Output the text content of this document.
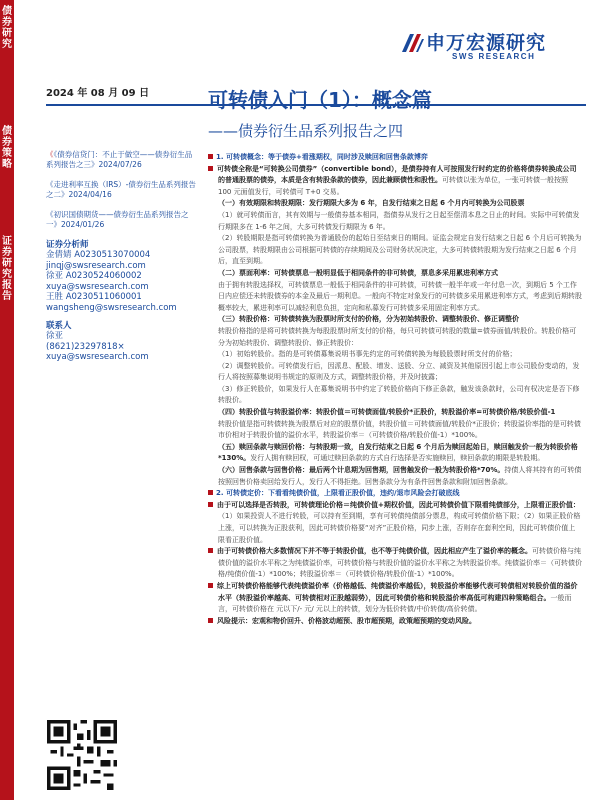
债券研究
债券策略
证券研究报告
申万宏源研究
SWS RESEARCH
2024 年 08 月 09 日	可转债入门（1）：概念篇
——债券衍生品系列报告之四
《《债券信贷门：不止于做空——债券衍生品系列报告之三》2024/07/26
《走进利率互换（IRS）-债券衍生品系列报告之二》2024/04/16
《初识国债期货——债券衍生品系列报告之一》2024/01/26
证券分析师
金倩婧 A0230513070004
jinqj@swsresearch.com
徐亚 A0230524060002
xuya@swsresearch.com
王胜 A0230511060001
wangsheng@swsresearch.com
联系人
徐亚
(8621)23297818×
xuya@swsresearch.com

1. 可转债概念：等于债券+看涨期权，同时涉及赎回和回售条款博弈

可转债全称是“可转换公司债券”（convertible bond），是债券持有人可按照发行时约定的价格将债券转换成公司的普通股票的债券，本质是含有转股条款的债券，因此兼顾债性和股性。可转债以张为单位，一张可转债一般按照 100 元面值发行，可转债可 T+0 交易。

（一）有效期限和转股期限：发行期限大多为 6 年，自发行结束之日起 6 个月内可转换为公司股票

（1）就可转债而言，其有效期与一般债券基本相同，指债券从发行之日起至偿清本息之日止的时间。实际中可转债发行期限多在 1-6 年之间，大多可转债发行期限为 6 年。

（2）转股期限是指可转债转换为普通股份的起始日至结束日的期间。证监会规定自发行结束之日起 6 个月后可转换为公司股票，转股期限由公司根据可转债的存续期间及公司财务状况决定，大多可转债转股期为发行结束之日起 6 个月后，直至到期。

（二）票面利率：可转债票息一般明显低于相同条件的非可转债，票息多采用累进利率方式

由于拥有转股选择权，可转债票息一般低于相同条件的非可转债，可转债一般半年或一年付息一次，到期后 5 个工作日内应偿还未转股债券的本金及最后一期利息。一般向不特定对象发行的可转债多采用累进利率方式，考虑到后期转股概率较大，累进利率可以减轻利息负担，定向和私募发行可转债多采用固定利率方式。

（三）转股价格：可转债转换为股票时所支付的价格，分为初始转股价、调整转股价、修正调整价

转股价格指的是将可转债转换为每股股票时所支付的价格，每只可转债可转股的数量=债券面值/转股价。转股价格可分为初始转股价、调整转股价、修正转股价：

（1）初始转股价。指的是可转债募集说明书事先约定的可转债转换为每股股票时所支付的价格；

（2）调整转股价。可转债发行后，因派息、配股、增发、送股、分立、减资及其他原因引起上市公司股份变动的，发行人将按照募集说明书规定的原则及方式，调整转股价格，并及时披露；

（3）修正转股价，如果发行人在募集说明书中约定了转股价格向下修正条款，触发该条款时，公司有权决定是否下修转股价。

（四）转股价值与转股溢价率：转股价值＝可转债面值/转股价*正股价，转股溢价率=可转债价格/转股价值-1

转股价值是指可转债转换为股票后对应的股票价值，转股价值＝可转债面值/转股价*正股价；转股溢价率指的是可转债市价相对于转股价值的溢价水平，转股溢价率＝（可转债价格/转股价值-1）*100%。

（五）赎回条款与赎回价格：与转股期一致，自发行结束之日起 6 个月后为赎回起始日，赎回触发价一般为转股价格*130%。发行人拥有赎回权，可通过赎回条款的方式自行选择是否实施赎回，赎回条款的期限是转股期。

（六）回售条款与回售价格：最后两个计息期为回售期，回售触发价一般为转股价格*70%。持债人将其持有的可转债按照回售价格卖回给发行人，发行人不得拒绝。回售条款分为有条件回售条款和附加回售条款。

2. 可转债定价：下看看纯债价值，上限看正股价值，违约/退市风险会打破底线

由于可以选择是否转股，可转债理论价格＝纯债价值+期权价值，因此可转债价值下限看纯债部分，上限看正股价值：（1）如果投资人不进行转股，可以持有至到期，享有可转债纯债部分票息，构成可转债价格下限；（2）如果正股价格上涨，可以转换为正股获利，因此可转债价格要“对齐”正股价格，同步上涨，否则存在套利空间，因此可转债价值上限看正股价值。

由于可转债价格大多数情况下并不等于转股价值，也不等于纯债价值，因此相应产生了溢价率的概念。可转债价格与纯债价值的溢价水平称之为纯债溢价率，可转债价格与转股价值的溢价水平称之为转股溢价率。纯债溢价率＝（可转债价格/纯债价值-1）*100%；转股溢价率＝（可转债价格/转股价值-1）*100%。

综上可转债价格能够代表纯债溢价率（价格越低、纯债溢价率越低），转股溢价率能够代表可转债相对转股价值的溢价水平（转股溢价率越高、可转债相对正股越弱势），因此可转债价格和转股溢价率高低可构建四种策略组合。一般而言，可转债价格在 元以下/- 元/ 元以上的转债，划分为低价转债/中价转债/高价转债。

风险提示：宏观和物价回升、价格波动超预、股市超预期，政策超预期的变动风险。
